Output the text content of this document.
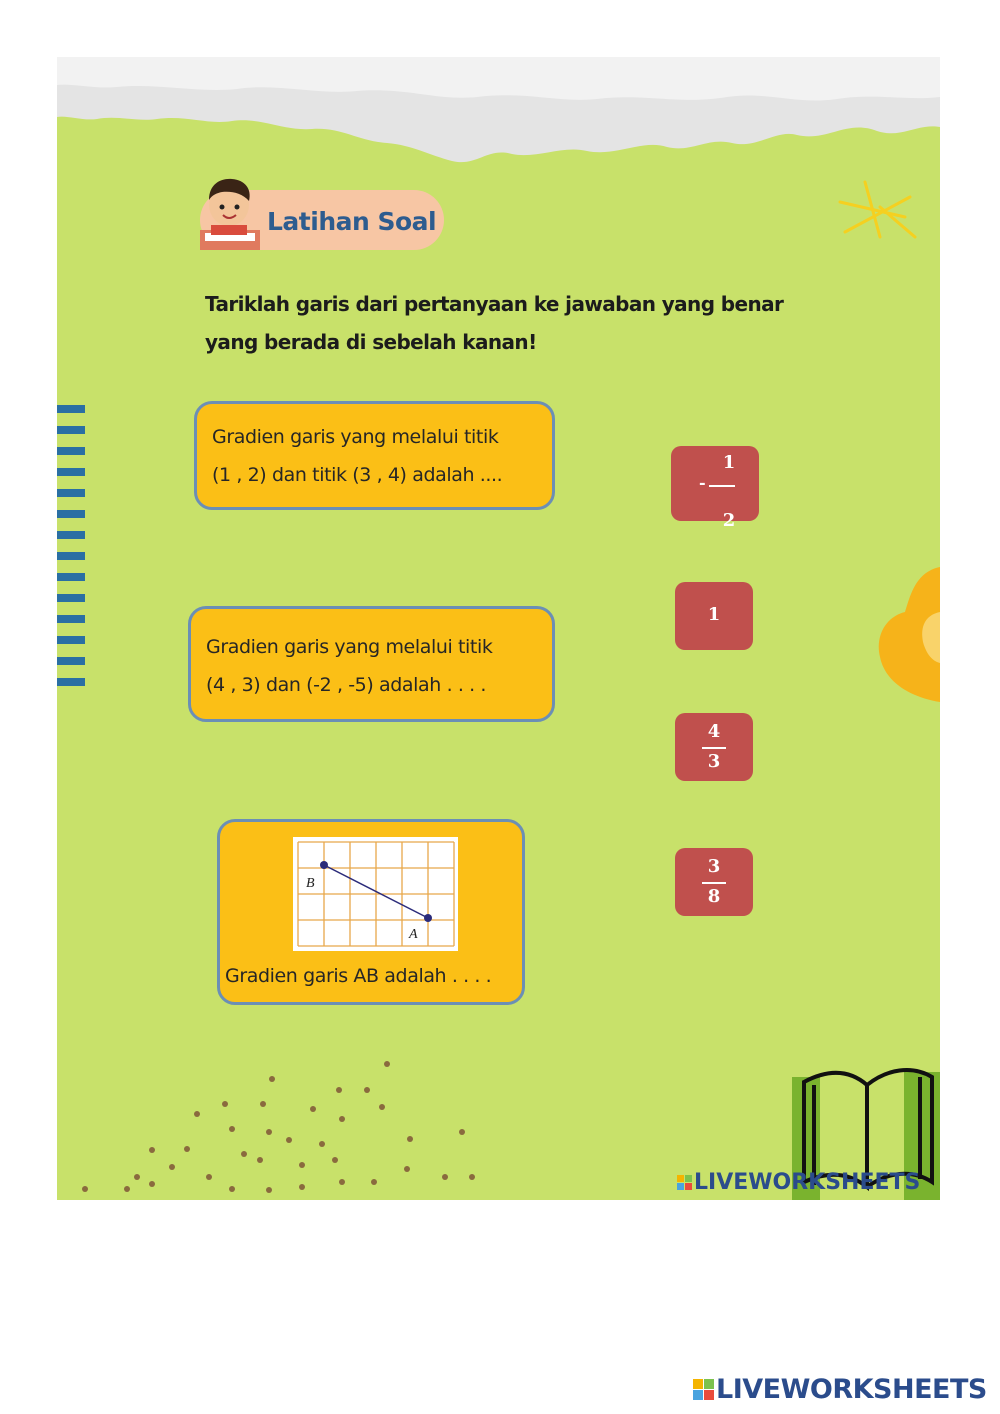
Latihan Soal
Tariklah garis dari pertanyaan ke jawaban yang benar
yang berada di sebelah kanan!
Gradien garis yang melalui titik
(1 , 2) dan titik (3 , 4) adalah ....
Gradien garis yang melalui titik
(4 , 3) dan (-2 , -5) adalah . . . .
B
A
Gradien garis AB adalah . . . .
-
1
2
1
4
3
3
8
LIVEWORKSHEETS
LIVEWORKSHEETS
